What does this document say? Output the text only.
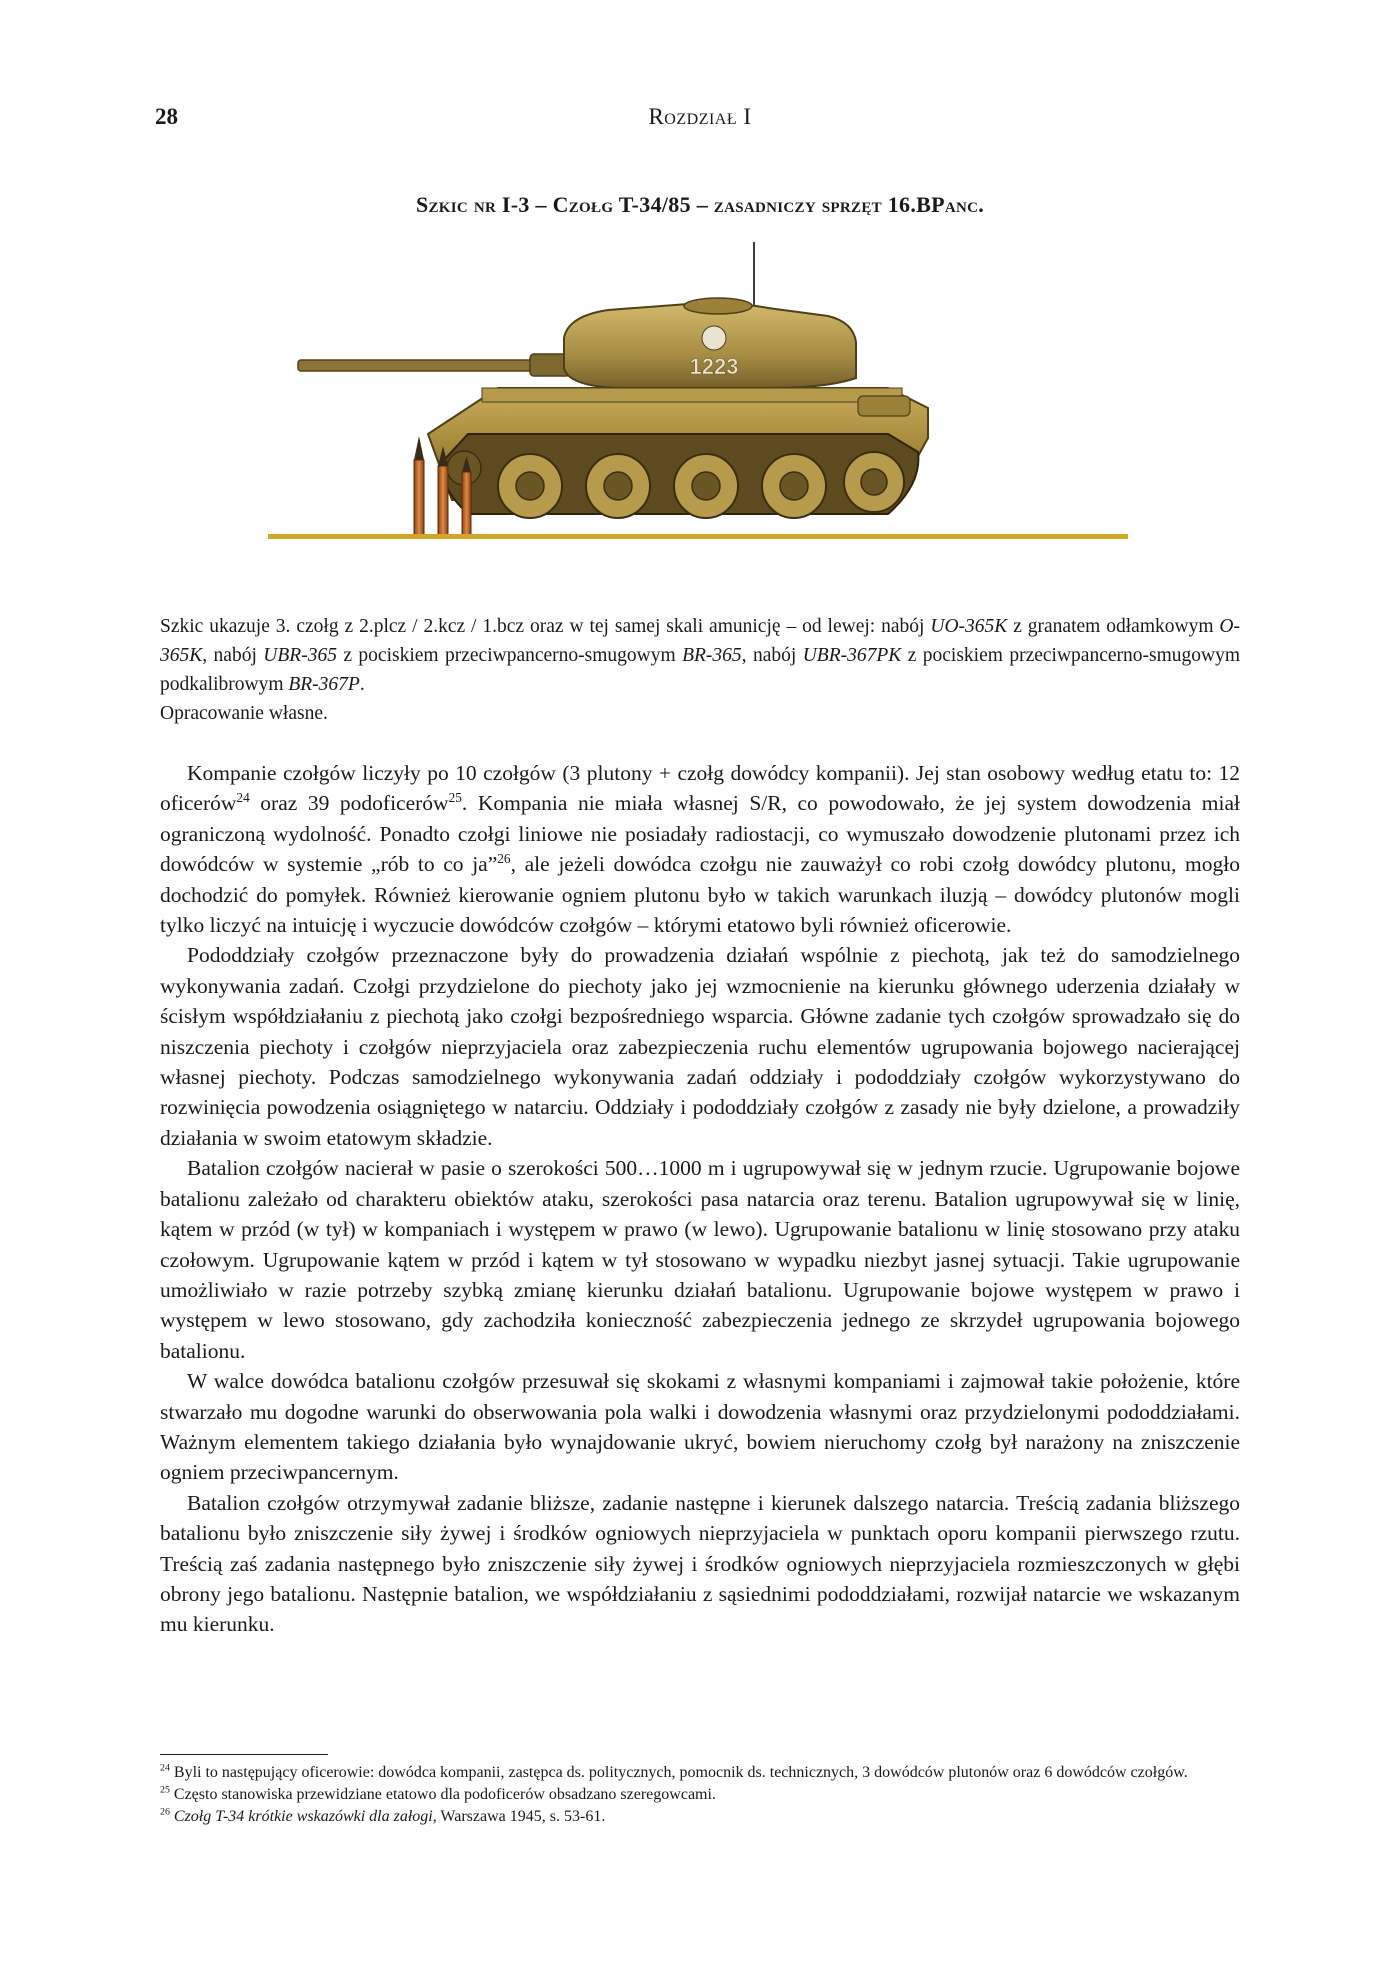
28	Rozdział I
Szkic nr I-3 – Czołg T-34/85 – zasadniczy sprzęt 16.BPanc.
1223

Szkic ukazuje 3. czołg z 2.plcz / 2.kcz / 1.bcz oraz w tej samej skali amunicję – od lewej: nabój UO-365K z granatem odłamkowym O-365K, nabój UBR-365 z pociskiem przeciwpancerno-smugowym BR-365, nabój UBR-367PK z pociskiem przeciwpancerno-smugowym podkalibrowym BR-367P.

Opracowanie własne.

Kompanie czołgów liczyły po 10 czołgów (3 plutony + czołg dowódcy kompanii). Jej stan osobowy według etatu to: 12 oficerów$^{24}$ oraz 39 podoficerów$^{25}$. Kompania nie miała własnej S/R, co powodowało, że jej system dowodzenia miał ograniczoną wydolność. Ponadto czołgi liniowe nie posiadały radiostacji, co wymuszało dowodzenie plutonami przez ich dowódców w systemie „rób to co ja”$^{26}$, ale jeżeli dowódca czołgu nie zauważył co robi czołg dowódcy plutonu, mogło dochodzić do pomyłek. Również kierowanie ogniem plutonu było w takich warunkach iluzją – dowódcy plutonów mogli tylko liczyć na intuicję i wyczucie dowódców czołgów – którymi etatowo byli również oficerowie.

Pododdziały czołgów przeznaczone były do prowadzenia działań wspólnie z piechotą, jak też do samodzielnego wykonywania zadań. Czołgi przydzielone do piechoty jako jej wzmocnienie na kierunku głównego uderzenia działały w ścisłym współdziałaniu z piechotą jako czołgi bezpośredniego wsparcia. Główne zadanie tych czołgów sprowadzało się do niszczenia piechoty i czołgów nieprzyjaciela oraz zabezpieczenia ruchu elementów ugrupowania bojowego nacierającej własnej piechoty. Podczas samodzielnego wykonywania zadań oddziały i pododdziały czołgów wykorzystywano do rozwinięcia powodzenia osiągniętego w natarciu. Oddziały i pododdziały czołgów z zasady nie były dzielone, a prowadziły działania w swoim etatowym składzie.

Batalion czołgów nacierał w pasie o szerokości 500…1000 m i ugrupowywał się w jednym rzucie. Ugrupowanie bojowe batalionu zależało od charakteru obiektów ataku, szerokości pasa natarcia oraz terenu. Batalion ugrupowywał się w linię, kątem w przód (w tył) w kompaniach i występem w prawo (w lewo). Ugrupowanie batalionu w linię stosowano przy ataku czołowym. Ugrupowanie kątem w przód i kątem w tył stosowano w wypadku niezbyt jasnej sytuacji. Takie ugrupowanie umożliwiało w razie potrzeby szybką zmianę kierunku działań batalionu. Ugrupowanie bojowe występem w prawo i występem w lewo stosowano, gdy zachodziła konieczność zabezpieczenia jednego ze skrzydeł ugrupowania bojowego batalionu.

W walce dowódca batalionu czołgów przesuwał się skokami z własnymi kompaniami i zajmował takie położenie, które stwarzało mu dogodne warunki do obserwowania pola walki i dowodzenia własnymi oraz przydzielonymi pododdziałami. Ważnym elementem takiego działania było wynajdowanie ukryć, bowiem nieruchomy czołg był narażony na zniszczenie ogniem przeciwpancernym.

Batalion czołgów otrzymywał zadanie bliższe, zadanie następne i kierunek dalszego natarcia. Treścią zadania bliższego batalionu było zniszczenie siły żywej i środków ogniowych nieprzyjaciela w punktach oporu kompanii pierwszego rzutu. Treścią zaś zadania następnego było zniszczenie siły żywej i środków ogniowych nieprzyjaciela rozmieszczonych w głębi obrony jego batalionu. Następnie batalion, we współdziałaniu z sąsiednimi pododdziałami, rozwijał natarcie we wskazanym mu kierunku.

$^{24}$ Byli to następujący oficerowie: dowódca kompanii, zastępca ds. politycznych, pomocnik ds. technicznych, 3 dowódców plutonów oraz 6 dowódców czołgów.

$^{25}$ Często stanowiska przewidziane etatowo dla podoficerów obsadzano szeregowcami.

$^{26}$ Czołg T-34 krótkie wskazówki dla załogi, Warszawa 1945, s. 53-61.
